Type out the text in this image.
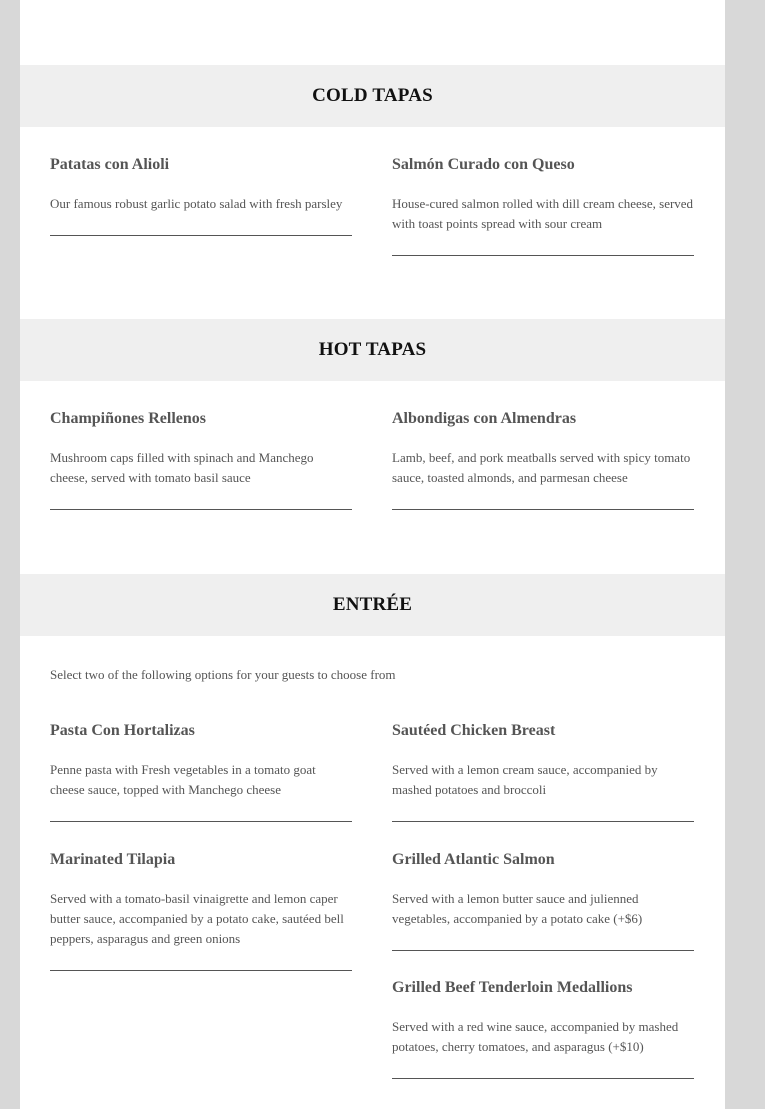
COLD TAPAS
Patatas con Alioli
Our famous robust garlic potato salad with fresh parsley
Salmón Curado con Queso
House-cured salmon rolled with dill cream cheese, served with toast points spread with sour cream
HOT TAPAS
Champiñones Rellenos
Mushroom caps filled with spinach and Manchego cheese, served with tomato basil sauce
Albondigas con Almendras
Lamb, beef, and pork meatballs served with spicy tomato sauce, toasted almonds, and parmesan cheese
ENTRÉE
Select two of the following options for your guests to choose from
Pasta Con Hortalizas
Penne pasta with Fresh vegetables in a tomato goat cheese sauce, topped with Manchego cheese
Sautéed Chicken Breast
Served with a lemon cream sauce, accompanied by mashed potatoes and broccoli
Marinated Tilapia
Served with a tomato-basil vinaigrette and lemon caper butter sauce, accompanied by a potato cake, sautéed bell peppers, asparagus and green onions
Grilled Atlantic Salmon
Served with a lemon butter sauce and julienned vegetables, accompanied by a potato cake (+$6)
Grilled Beef Tenderloin Medallions
Served with a red wine sauce, accompanied by mashed potatoes, cherry tomatoes, and asparagus (+$10)
